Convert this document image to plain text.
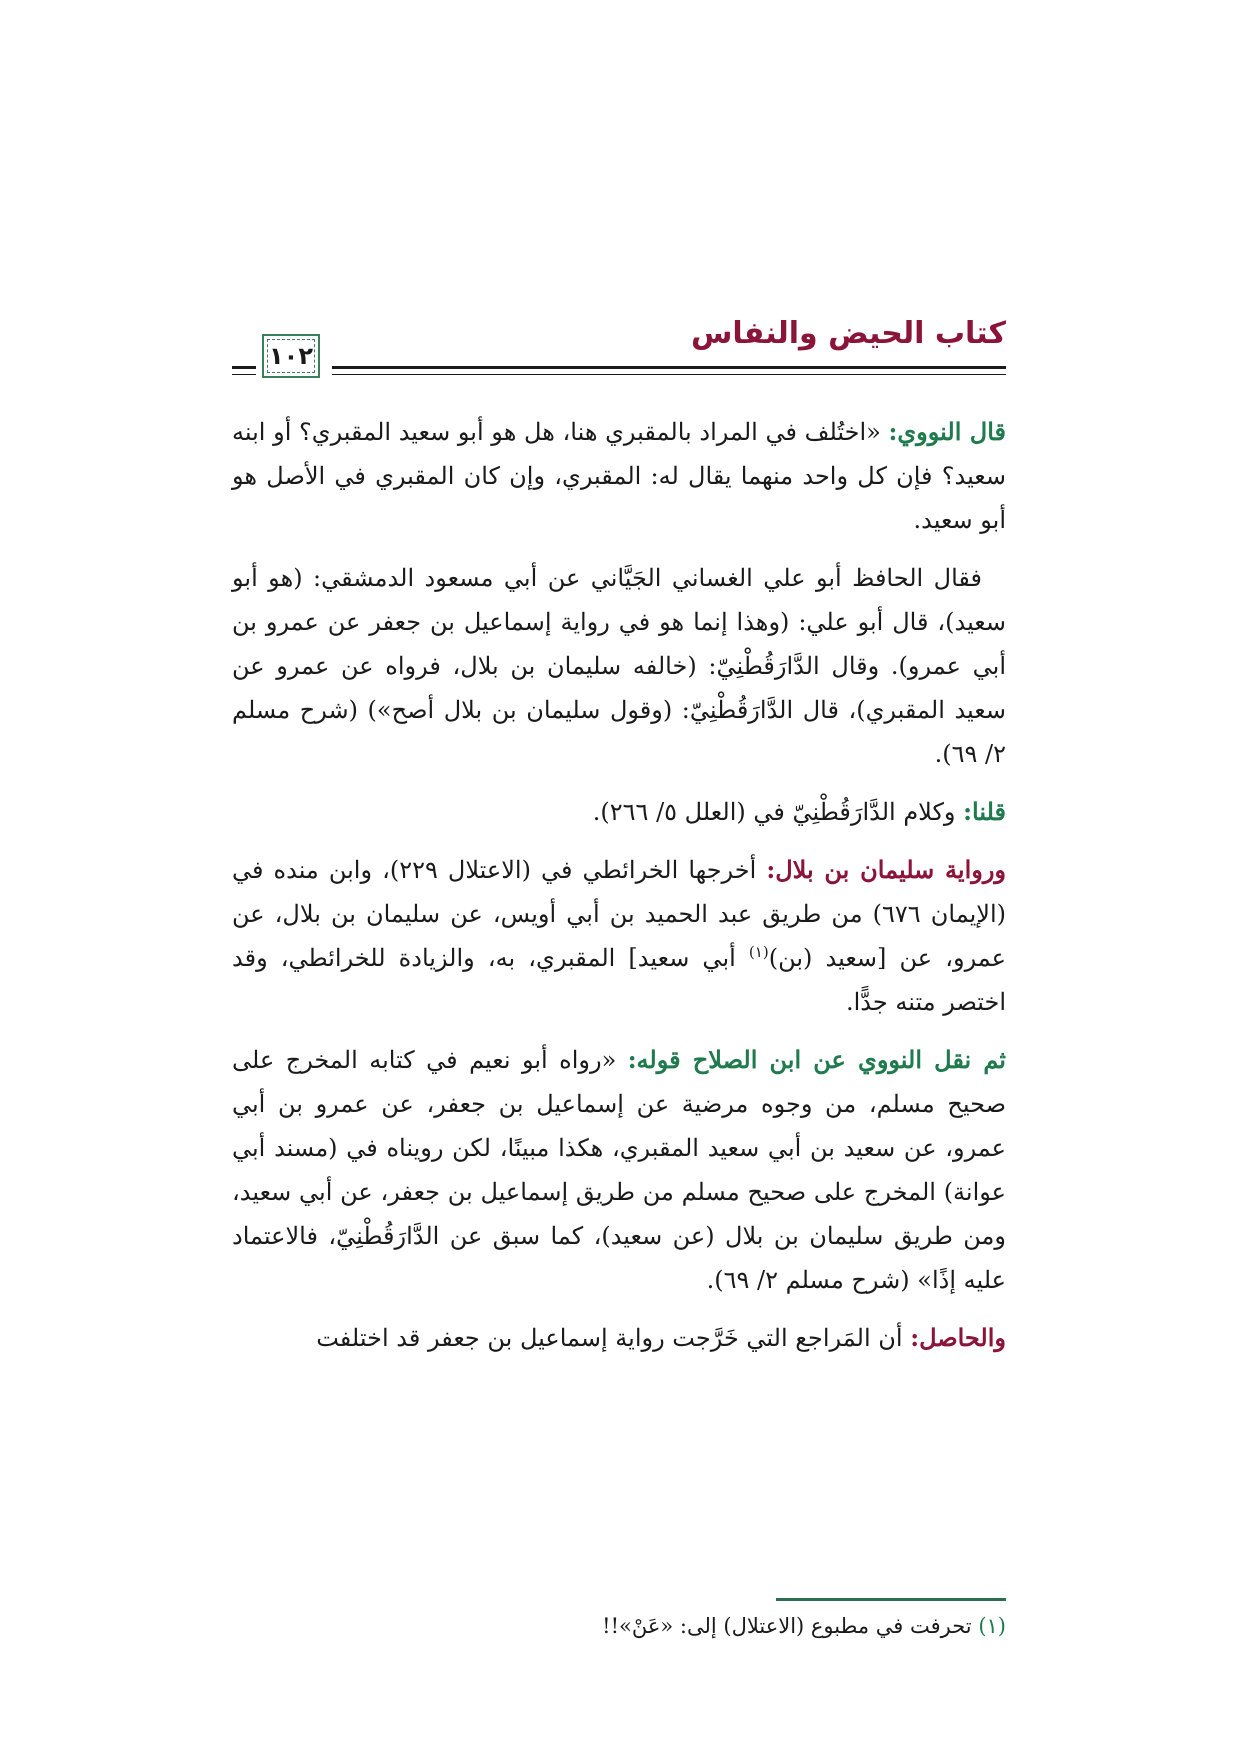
كتاب الحيض والنفاس
١٠٢

قال النووي: «اختُلف في المراد بالمقبري هنا، هل هو أبو سعيد المقبري؟ أو ابنه سعيد؟ فإن كل واحد منهما يقال له: المقبري، وإن كان المقبري في الأصل هو أبو سعيد.

فقال الحافظ أبو علي الغساني الجَيَّاني عن أبي مسعود الدمشقي: (هو أبو سعيد)، قال أبو علي: (وهذا إنما هو في رواية إسماعيل بن جعفر عن عمرو بن أبي عمرو). وقال الدَّارَقُطْنِيّ: (خالفه سليمان بن بلال، فرواه عن عمرو عن سعيد المقبري)، قال الدَّارَقُطْنِيّ: (وقول سليمان بن بلال أصح») (شرح مسلم ٢/ ٦٩).

قلنا: وكلام الدَّارَقُطْنِيّ في (العلل ٥/ ٢٦٦).

ورواية سليمان بن بلال: أخرجها الخرائطي في (الاعتلال ٢٢٩)، وابن منده في (الإيمان ٦٧٦) من طريق عبد الحميد بن أبي أويس، عن سليمان بن بلال، عن عمرو، عن [سعيد (بن)$^{(١)}$ أبي سعيد] المقبري، به، والزيادة للخرائطي، وقد اختصر متنه جدًّا.

ثم نقل النووي عن ابن الصلاح قوله: «رواه أبو نعيم في كتابه المخرج على صحيح مسلم، من وجوه مرضية عن إسماعيل بن جعفر، عن عمرو بن أبي عمرو، عن سعيد بن أبي سعيد المقبري، هكذا مبينًا، لكن رويناه في (مسند أبي عوانة) المخرج على صحيح مسلم من طريق إسماعيل بن جعفر، عن أبي سعيد، ومن طريق سليمان بن بلال (عن سعيد)، كما سبق عن الدَّارَقُطْنِيّ، فالاعتماد عليه إذًا» (شرح مسلم ٢/ ٦٩).

والحاصل: أن المَراجع التي خَرَّجت رواية إسماعيل بن جعفر قد اختلفت

(١) تحرفت في مطبوع (الاعتلال) إلى: «عَنْ»!!
